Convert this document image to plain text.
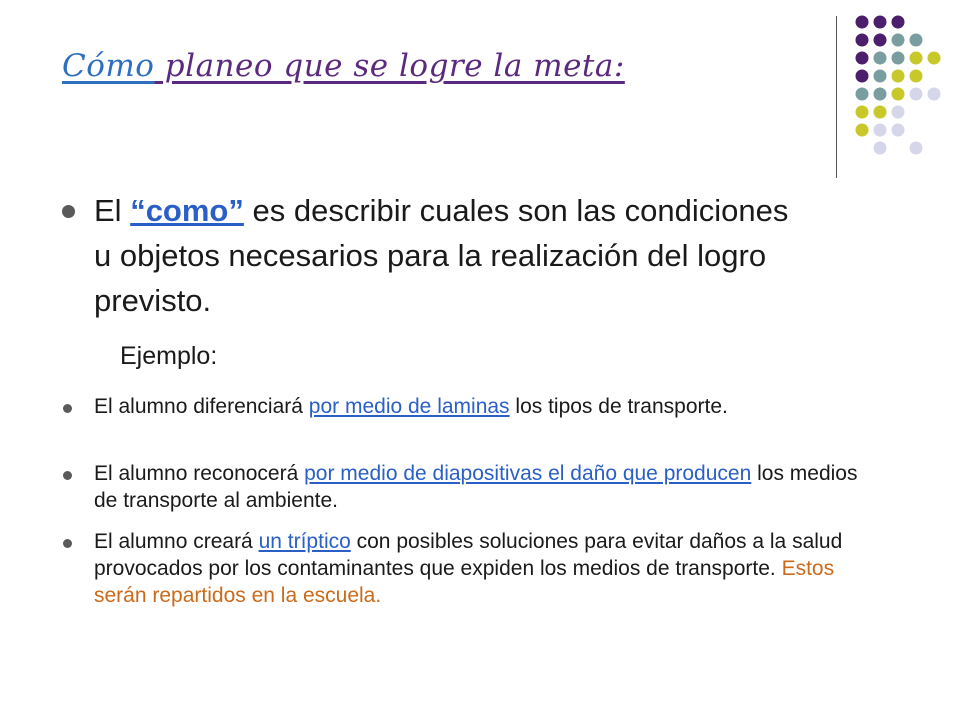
Cómo planeo que se logre la meta:
El “como” es describir cuales son las condiciones u objetos necesarios para la realización del logro previsto.
Ejemplo:
El alumno diferenciará por medio de laminas los tipos de transporte.
El alumno reconocerá por medio de diapositivas el daño que producen los medios de transporte al ambiente.
El alumno creará un tríptico con posibles soluciones para evitar daños a la salud provocados por los contaminantes que expiden los medios de transporte. Estos serán repartidos en la escuela.
